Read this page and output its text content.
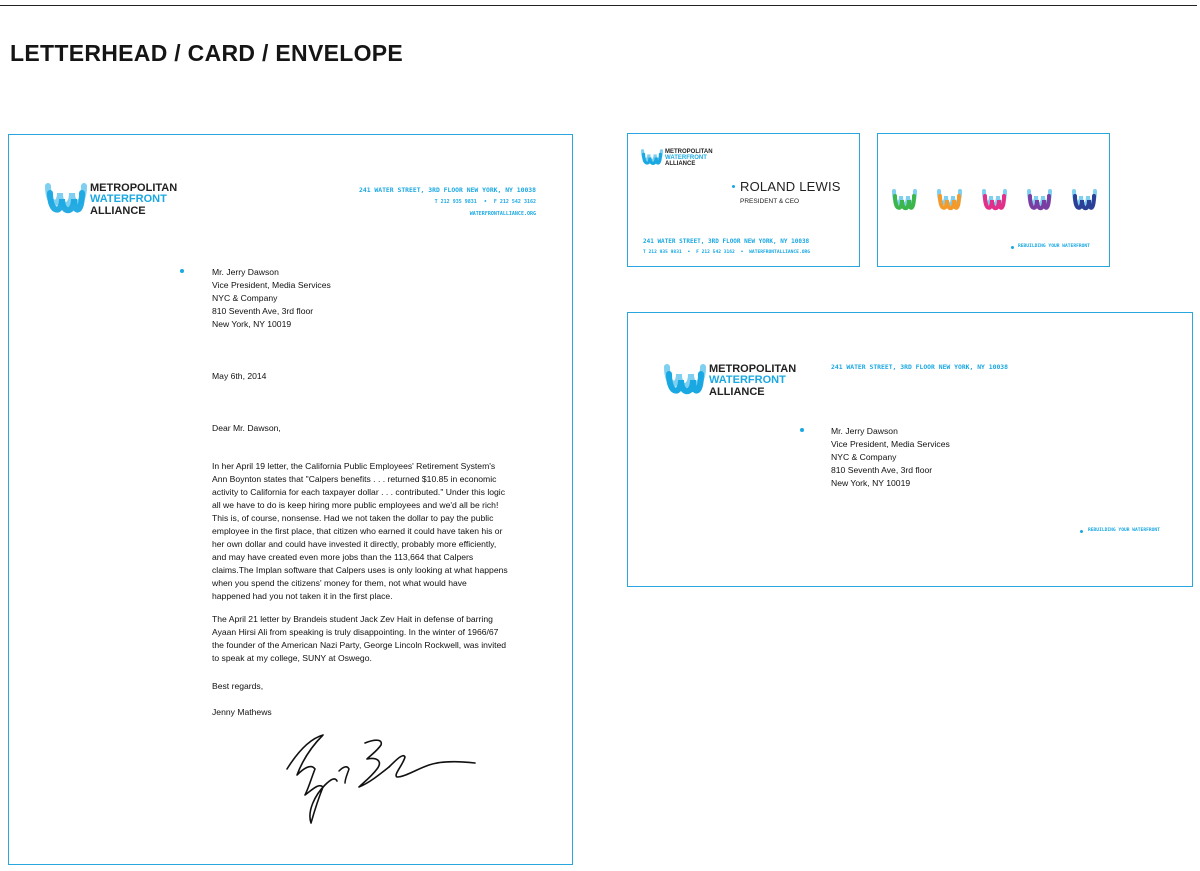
LETTERHEAD / CARD / ENVELOPE
METROPOLITAN
WATERFRONT
ALLIANCE
241 WATER STREET, 3RD FLOOR NEW YORK, NY 10038
T 212 935 9831 • F 212 542 3162
WATERFRONTALLIANCE.ORG
Mr. Jerry Dawson
Vice President, Media Services
NYC & Company
810 Seventh Ave, 3rd floor
New York, NY 10019
May 6th, 2014
Dear Mr. Dawson,
In her April 19 letter, the California Public Employees' Retirement System's
Ann Boynton states that "Calpers benefits . . . returned $10.85 in economic
activity to California for each taxpayer dollar . . . contributed." Under this logic
all we have to do is keep hiring more public employees and we'd all be rich!
This is, of course, nonsense. Had we not taken the dollar to pay the public
employee in the first place, that citizen who earned it could have taken his or
her own dollar and could have invested it directly, probably more efficiently,
and may have created even more jobs than the 113,664 that Calpers
claims.The Implan software that Calpers uses is only looking at what happens
when you spend the citizens' money for them, not what would have
happened had you not taken it in the first place.
The April 21 letter by Brandeis student Jack Zev Hait in defense of barring
Ayaan Hirsi Ali from speaking is truly disappointing. In the winter of 1966/67
the founder of the American Nazi Party, George Lincoln Rockwell, was invited
to speak at my college, SUNY at Oswego.
Best regards,
Jenny Mathews
METROPOLITAN
WATERFRONT
ALLIANCE
ROLAND LEWIS
PRESIDENT & CEO
241 WATER STREET, 3RD FLOOR NEW YORK, NY 10038
T 212 935 9831 • F 212 542 3162 • WATERFRONTALLIANCE.ORG
REBUILDING YOUR WATERFRONT
METROPOLITAN
WATERFRONT
ALLIANCE
241 WATER STREET, 3RD FLOOR NEW YORK, NY 10038
Mr. Jerry Dawson
Vice President, Media Services
NYC & Company
810 Seventh Ave, 3rd floor
New York, NY 10019
REBUILDING YOUR WATERFRONT
